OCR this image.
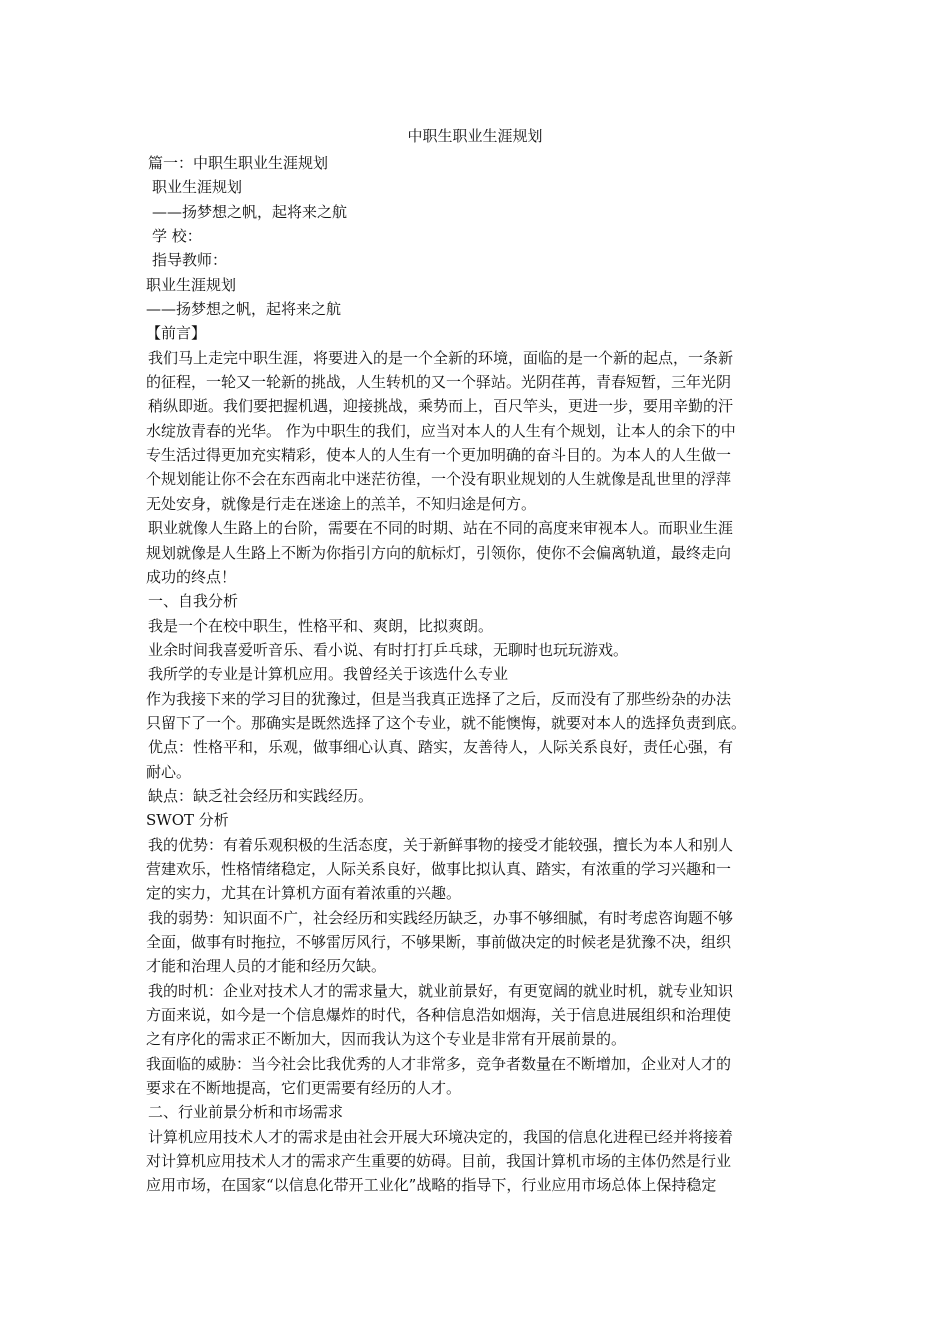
中职生职业生涯规划

篇一：中职生职业生涯规划

职业生涯规划

——扬梦想之帆，起将来之航

学 校：

指导教师：

职业生涯规划

——扬梦想之帆，起将来之航

【前言】

我们马上走完中职生涯，将要进入的是一个全新的环境，面临的是一个新的起点，一条新

的征程，一轮又一轮新的挑战，人生转机的又一个驿站。光阴荏苒，青春短暂，三年光阴

稍纵即逝。我们要把握机遇，迎接挑战，乘势而上，百尺竿头，更进一步，要用辛勤的汗

水绽放青春的光华。 作为中职生的我们，应当对本人的人生有个规划，让本人的余下的中

专生活过得更加充实精彩，使本人的人生有一个更加明确的奋斗目的。为本人的人生做一

个规划能让你不会在东西南北中迷茫彷徨，一个没有职业规划的人生就像是乱世里的浮萍

无处安身，就像是行走在迷途上的羔羊，不知归途是何方。

职业就像人生路上的台阶，需要在不同的时期、站在不同的高度来审视本人。而职业生涯

规划就像是人生路上不断为你指引方向的航标灯，引领你，使你不会偏离轨道，最终走向

成功的终点！

一、自我分析

我是一个在校中职生，性格平和、爽朗，比拟爽朗。

业余时间我喜爱听音乐、看小说、有时打打乒乓球，无聊时也玩玩游戏。

我所学的专业是计算机应用。我曾经关于该选什么专业

作为我接下来的学习目的犹豫过，但是当我真正选择了之后，反而没有了那些纷杂的办法

只留下了一个。那确实是既然选择了这个专业，就不能懊悔，就要对本人的选择负责到底。

优点：性格平和，乐观，做事细心认真、踏实，友善待人，人际关系良好，责任心强，有

耐心。

缺点：缺乏社会经历和实践经历。

SWOT 分析

我的优势：有着乐观积极的生活态度，关于新鲜事物的接受才能较强，擅长为本人和别人

营建欢乐，性格情绪稳定，人际关系良好，做事比拟认真、踏实，有浓重的学习兴趣和一

定的实力，尤其在计算机方面有着浓重的兴趣。

我的弱势：知识面不广，社会经历和实践经历缺乏，办事不够细腻，有时考虑咨询题不够

全面，做事有时拖拉，不够雷厉风行，不够果断，事前做决定的时候老是犹豫不决，组织

才能和治理人员的才能和经历欠缺。

我的时机：企业对技术人才的需求量大，就业前景好，有更宽阔的就业时机，就专业知识

方面来说，如今是一个信息爆炸的时代，各种信息浩如烟海，关于信息进展组织和治理使

之有序化的需求正不断加大，因而我认为这个专业是非常有开展前景的。

我面临的威胁：当今社会比我优秀的人才非常多，竞争者数量在不断增加，企业对人才的

要求在不断地提高，它们更需要有经历的人才。

二、行业前景分析和市场需求

计算机应用技术人才的需求是由社会开展大环境决定的，我国的信息化进程已经并将接着

对计算机应用技术人才的需求产生重要的妨碍。目前，我国计算机市场的主体仍然是行业

应用市场，在国家“以信息化带开工业化”战略的指导下，行业应用市场总体上保持稳定
